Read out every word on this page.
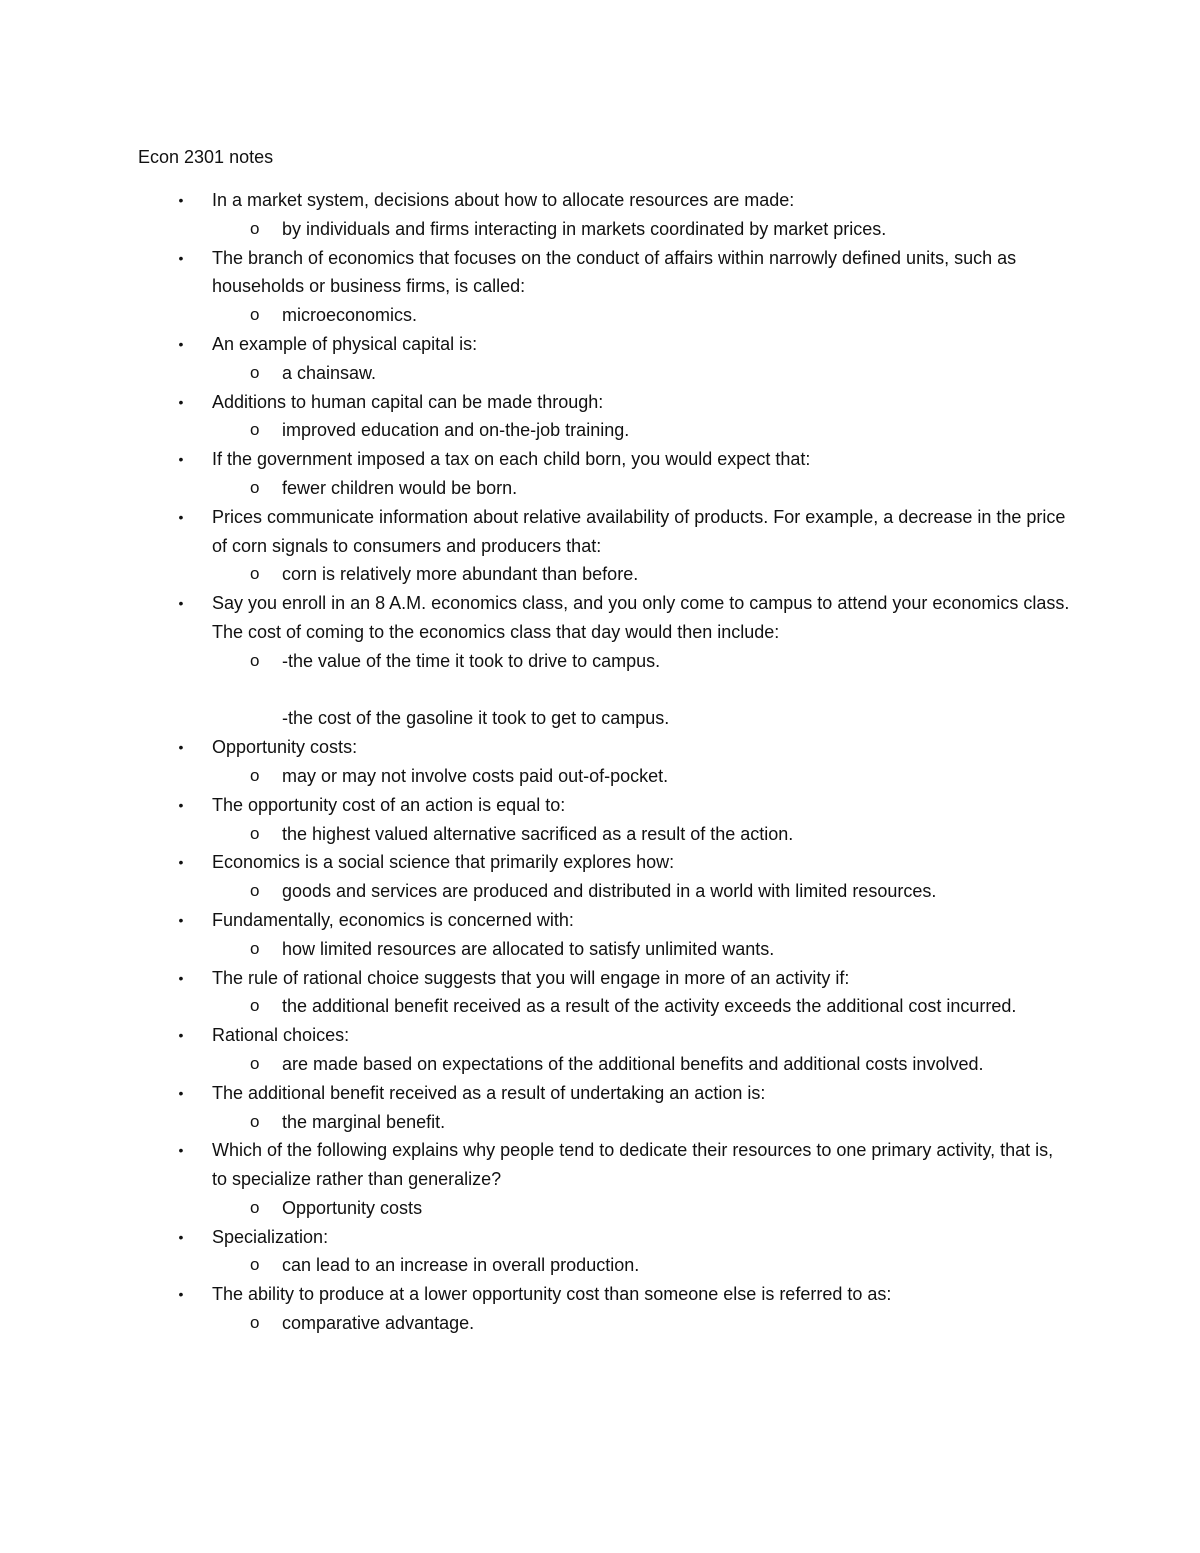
Econ 2301 notes
• In a market system, decisions about how to allocate resources are made:
o by individuals and firms interacting in markets coordinated by market prices.
• The branch of economics that focuses on the conduct of affairs within narrowly defined units, such as households or business firms, is called:
o microeconomics.
• An example of physical capital is:
o a chainsaw.
• Additions to human capital can be made through:
o improved education and on-the-job training.
• If the government imposed a tax on each child born, you would expect that:
o fewer children would be born.
• Prices communicate information about relative availability of products. For example, a decrease in the price of corn signals to consumers and producers that:
o corn is relatively more abundant than before.
• Say you enroll in an 8 A.M. economics class, and you only come to campus to attend your economics class. The cost of coming to the economics class that day would then include:
o -the value of the time it took to drive to campus.
-the cost of the gasoline it took to get to campus.
• Opportunity costs:
o may or may not involve costs paid out-of-pocket.
• The opportunity cost of an action is equal to:
o the highest valued alternative sacrificed as a result of the action.
• Economics is a social science that primarily explores how:
o goods and services are produced and distributed in a world with limited resources.
• Fundamentally, economics is concerned with:
o how limited resources are allocated to satisfy unlimited wants.
• The rule of rational choice suggests that you will engage in more of an activity if:
o the additional benefit received as a result of the activity exceeds the additional cost incurred.
• Rational choices:
o are made based on expectations of the additional benefits and additional costs involved.
• The additional benefit received as a result of undertaking an action is:
o the marginal benefit.
• Which of the following explains why people tend to dedicate their resources to one primary activity, that is, to specialize rather than generalize?
o Opportunity costs
• Specialization:
o can lead to an increase in overall production.
• The ability to produce at a lower opportunity cost than someone else is referred to as:
o comparative advantage.
